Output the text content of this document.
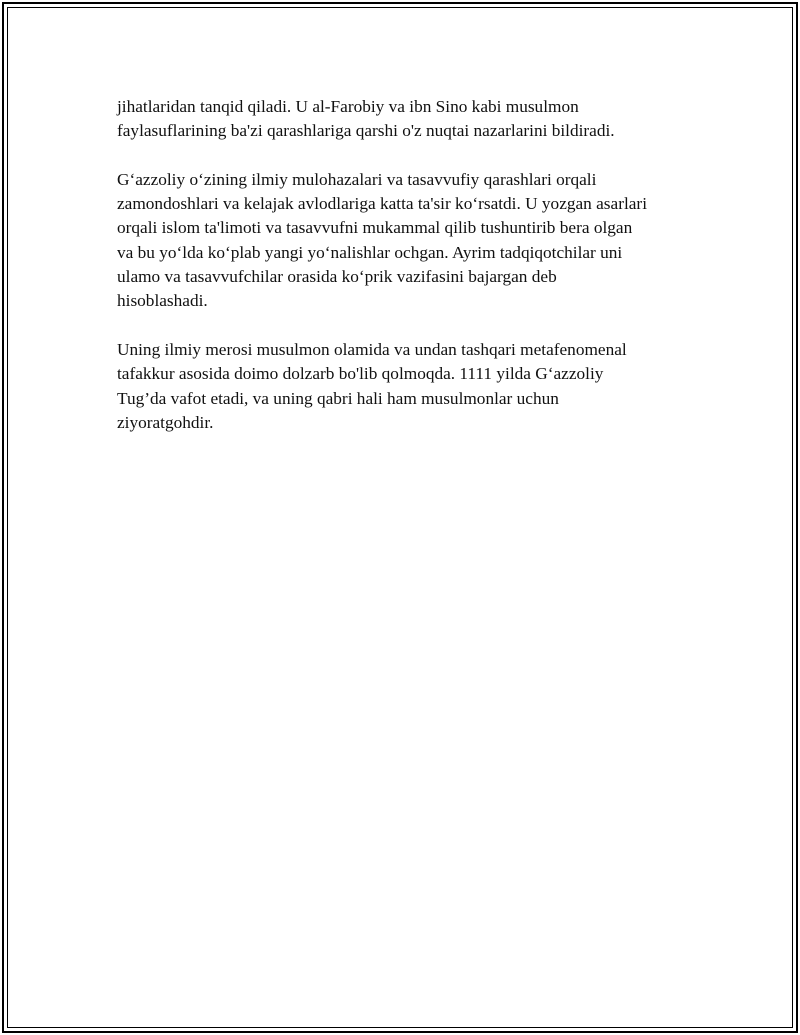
jihatlaridan tanqid qiladi. U al-Farobiy va ibn Sino kabi musulmon
faylasuflarining ba'zi qarashlariga qarshi o'z nuqtai nazarlarini bildiradi.

G‘azzoliy o‘zining ilmiy mulohazalari va tasavvufiy qarashlari orqali
zamondoshlari va kelajak avlodlariga katta ta'sir ko‘rsatdi. U yozgan asarlari
orqali islom ta'limoti va tasavvufni mukammal qilib tushuntirib bera olgan
va bu yo‘lda ko‘plab yangi yo‘nalishlar ochgan. Ayrim tadqiqotchilar uni
ulamo va tasavvufchilar orasida ko‘prik vazifasini bajargan deb
hisoblashadi.

Uning ilmiy merosi musulmon olamida va undan tashqari metafenomenal
tafakkur asosida doimo dolzarb bo'lib qolmoqda. 1111 yilda G‘azzoliy
Tug’da vafot etadi, va uning qabri hali ham musulmonlar uchun
ziyoratgohdir.
